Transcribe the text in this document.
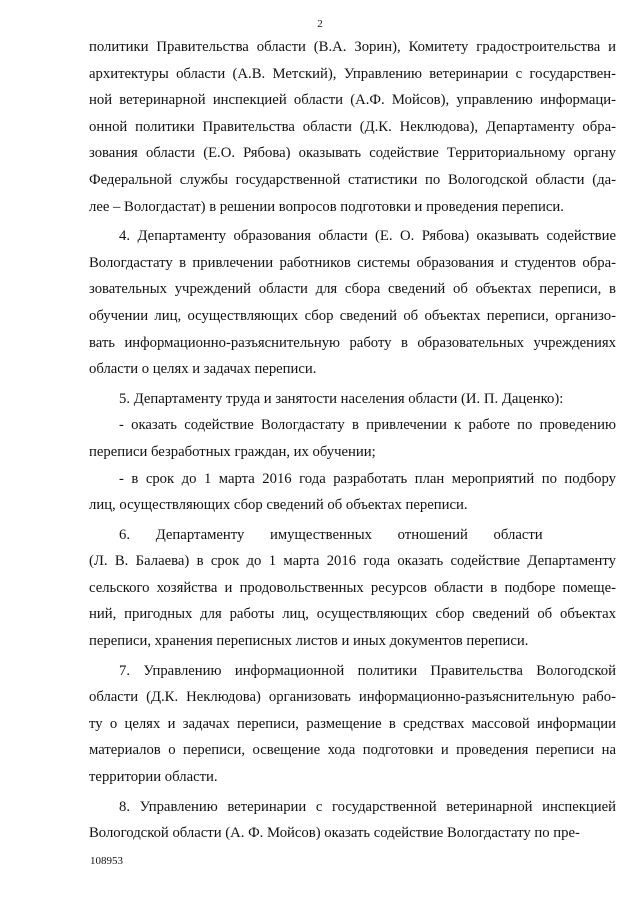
2

политики Правительства области (В.А. Зорин), Комитету градостроительства и

архитектуры области (А.В. Метский), Управлению ветеринарии с государствен-

ной ветеринарной инспекцией области (А.Ф. Мойсов), управлению информаци-

онной политики Правительства области (Д.К. Неклюдова), Департаменту обра-

зования области (Е.О. Рябова) оказывать содействие Территориальному органу

Федеральной службы государственной статистики по Вологодской области (да-

лее – Вологдастат) в решении вопросов подготовки и проведения переписи.

4. Департаменту образования области (Е. О. Рябова) оказывать содействие

Вологдастату в привлечении работников системы образования и студентов обра-

зовательных учреждений области для сбора сведений об объектах переписи, в

обучении лиц, осуществляющих сбор сведений об объектах переписи, организо-

вать информационно-разъяснительную работу в образовательных учреждениях

области о целях и задачах переписи.

5. Департаменту труда и занятости населения области (И. П. Даценко):

- оказать содействие Вологдастату в привлечении к работе по проведению

переписи безработных граждан, их обучении;

- в срок до 1 марта 2016 года разработать план мероприятий по подбору

лиц, осуществляющих сбор сведений об объектах переписи.

6.       Департаменту       имущественных       отношений       области

(Л. В. Балаева) в срок до 1 марта 2016 года оказать содействие Департаменту

сельского хозяйства и продовольственных ресурсов области в подборе помеще-

ний, пригодных для работы лиц, осуществляющих сбор сведений об объектах

переписи, хранения переписных листов и иных документов переписи.

7. Управлению информационной политики Правительства Вологодской

области (Д.К. Неклюдова) организовать информационно-разъяснительную рабо-

ту о целях и задачах переписи, размещение в средствах массовой информации

материалов о переписи, освещение хода подготовки и проведения переписи на

территории области.

8. Управлению ветеринарии с государственной ветеринарной инспекцией

Вологодской области (А. Ф. Мойсов) оказать содействие Вологдастату по пре-

108953
